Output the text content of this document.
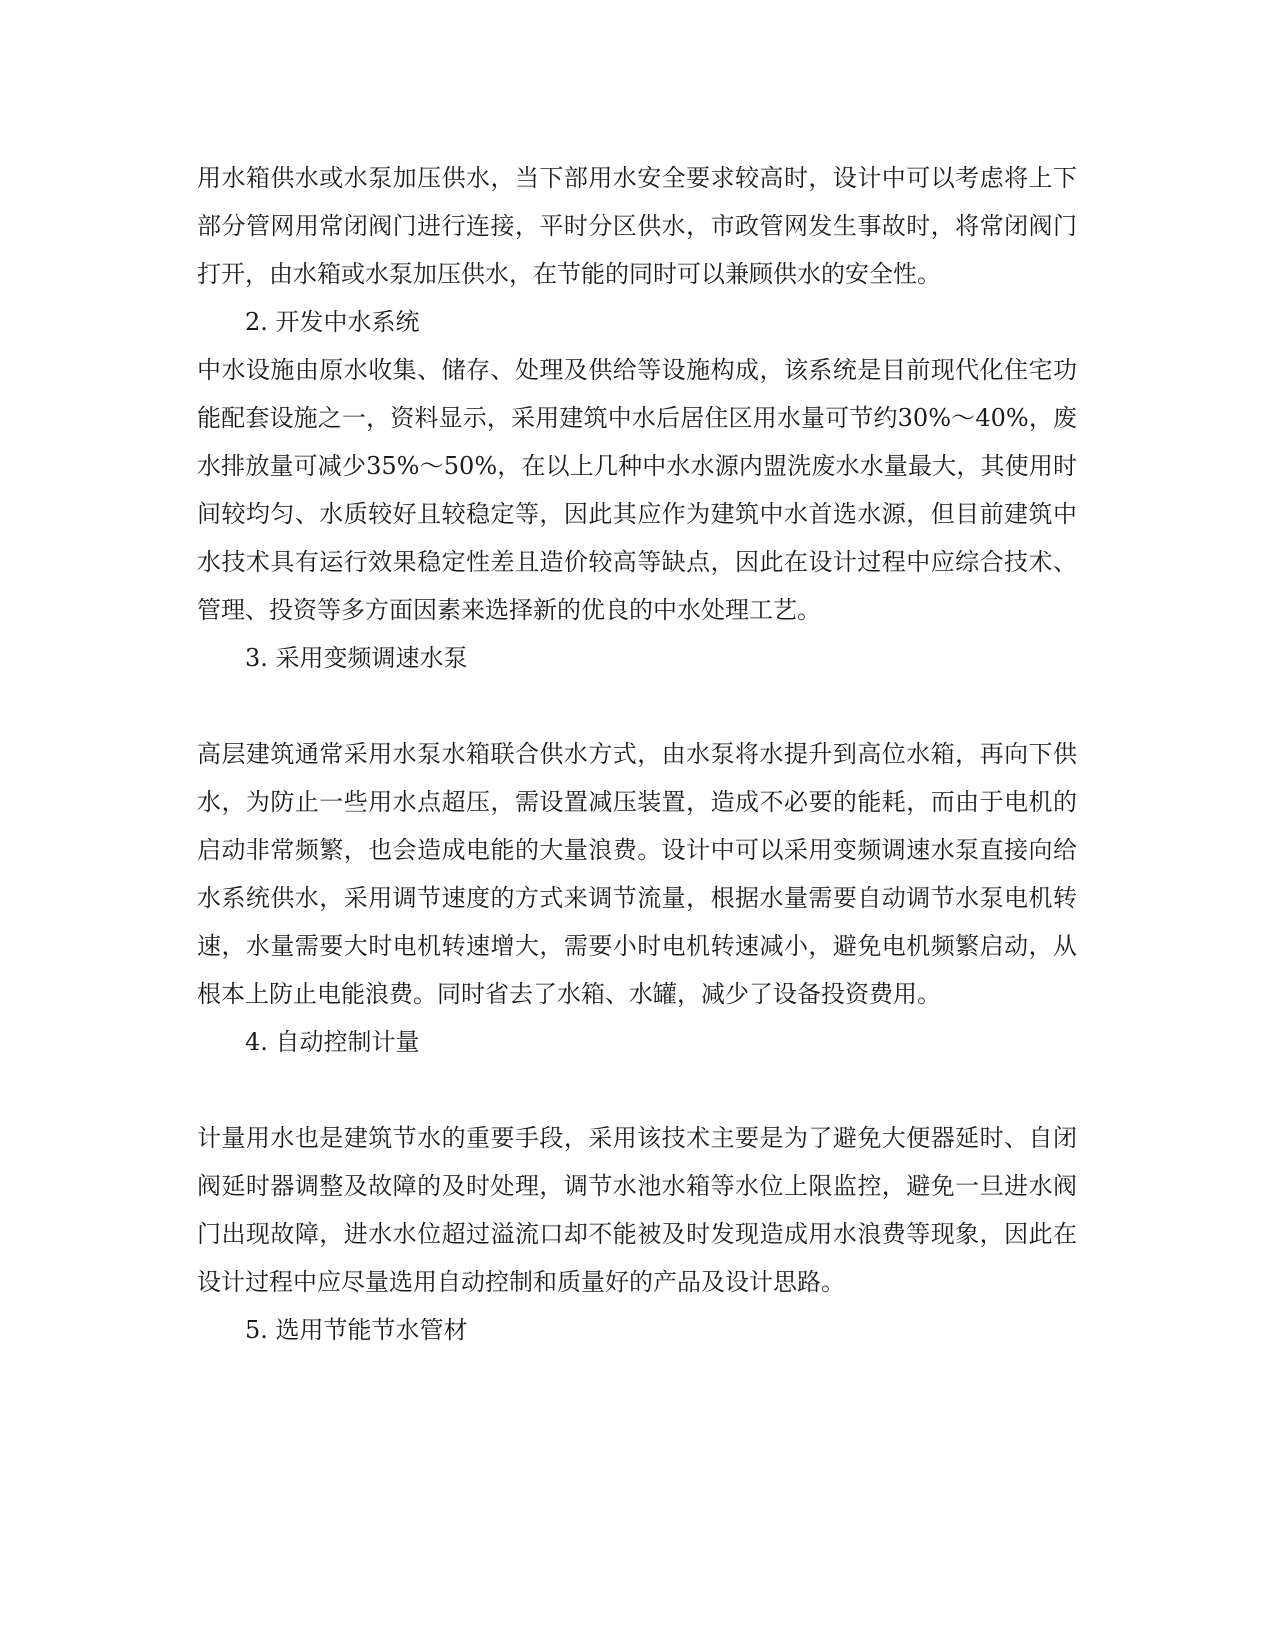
用水箱供水或水泵加压供水，当下部用水安全要求较高时，设计中可以考虑将上下部分管网用常闭阀门进行连接，平时分区供水，市政管网发生事故时，将常闭阀门打开，由水箱或水泵加压供水，在节能的同时可以兼顾供水的安全性。

2. 开发中水系统

中水设施由原水收集、储存、处理及供给等设施构成，该系统是目前现代化住宅功能配套设施之一，资料显示，采用建筑中水后居住区用水量可节约30%～40%，废水排放量可减少35%～50%，在以上几种中水水源内盟洗废水水量最大，其使用时间较均匀、水质较好且较稳定等，因此其应作为建筑中水首选水源，但目前建筑中水技术具有运行效果稳定性差且造价较高等缺点，因此在设计过程中应综合技术、管理、投资等多方面因素来选择新的优良的中水处理工艺。

3. 采用变频调速水泵

高层建筑通常采用水泵水箱联合供水方式，由水泵将水提升到高位水箱，再向下供水，为防止一些用水点超压，需设置减压装置，造成不必要的能耗，而由于电机的启动非常频繁，也会造成电能的大量浪费。设计中可以采用变频调速水泵直接向给水系统供水，采用调节速度的方式来调节流量，根据水量需要自动调节水泵电机转速，水量需要大时电机转速增大，需要小时电机转速减小，避免电机频繁启动，从根本上防止电能浪费。同时省去了水箱、水罐，减少了设备投资费用。

4. 自动控制计量

计量用水也是建筑节水的重要手段，采用该技术主要是为了避免大便器延时、自闭阀延时器调整及故障的及时处理，调节水池水箱等水位上限监控，避免一旦进水阀门出现故障，进水水位超过溢流口却不能被及时发现造成用水浪费等现象，因此在设计过程中应尽量选用自动控制和质量好的产品及设计思路。

5. 选用节能节水管材
